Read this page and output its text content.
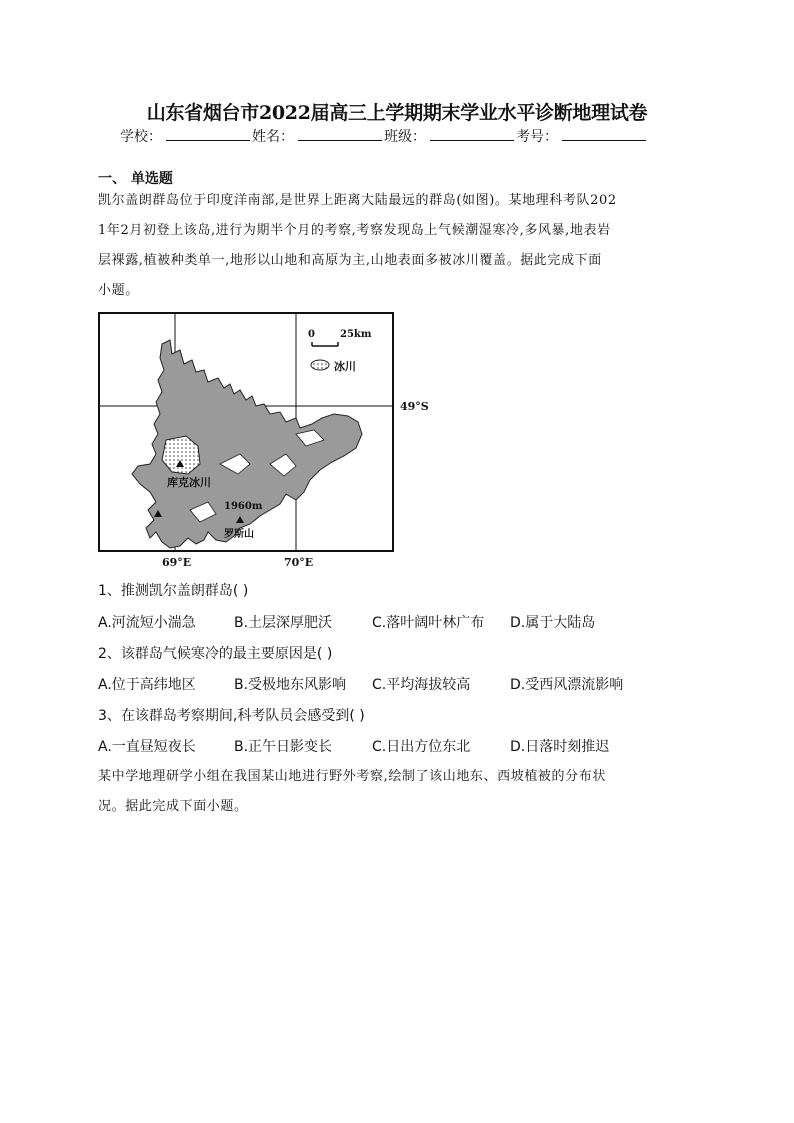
山东省烟台市2022届高三上学期期末学业水平诊断地理试卷
学校：	姓名：	班级：	考号：
一、 单选题
凯尔盖朗群岛位于印度洋南部,是世界上距离大陆最远的群岛(如图)。某地理科考队202
1年2月初登上该岛,进行为期半个月的考察,考察发现岛上气候潮湿寒冷,多风暴,地表岩
层裸露,植被种类单一,地形以山地和高原为主,山地表面多被冰川覆盖。据此完成下面
小题。
0	25km
冰川
库克冰川
1960m
罗斯山
49°S
69°E	70°E
1、推测凯尔盖朗群岛( )
A.河流短小湍急	B.土层深厚肥沃	C.落叶阔叶林广布	D.属于大陆岛
2、该群岛气候寒冷的最主要原因是( )
A.位于高纬地区	B.受极地东风影响	C.平均海拔较高	D.受西风漂流影响
3、在该群岛考察期间,科考队员会感受到( )
A.一直昼短夜长	B.正午日影变长	C.日出方位东北	D.日落时刻推迟
某中学地理研学小组在我国某山地进行野外考察,绘制了该山地东、西坡植被的分布状
况。据此完成下面小题。
